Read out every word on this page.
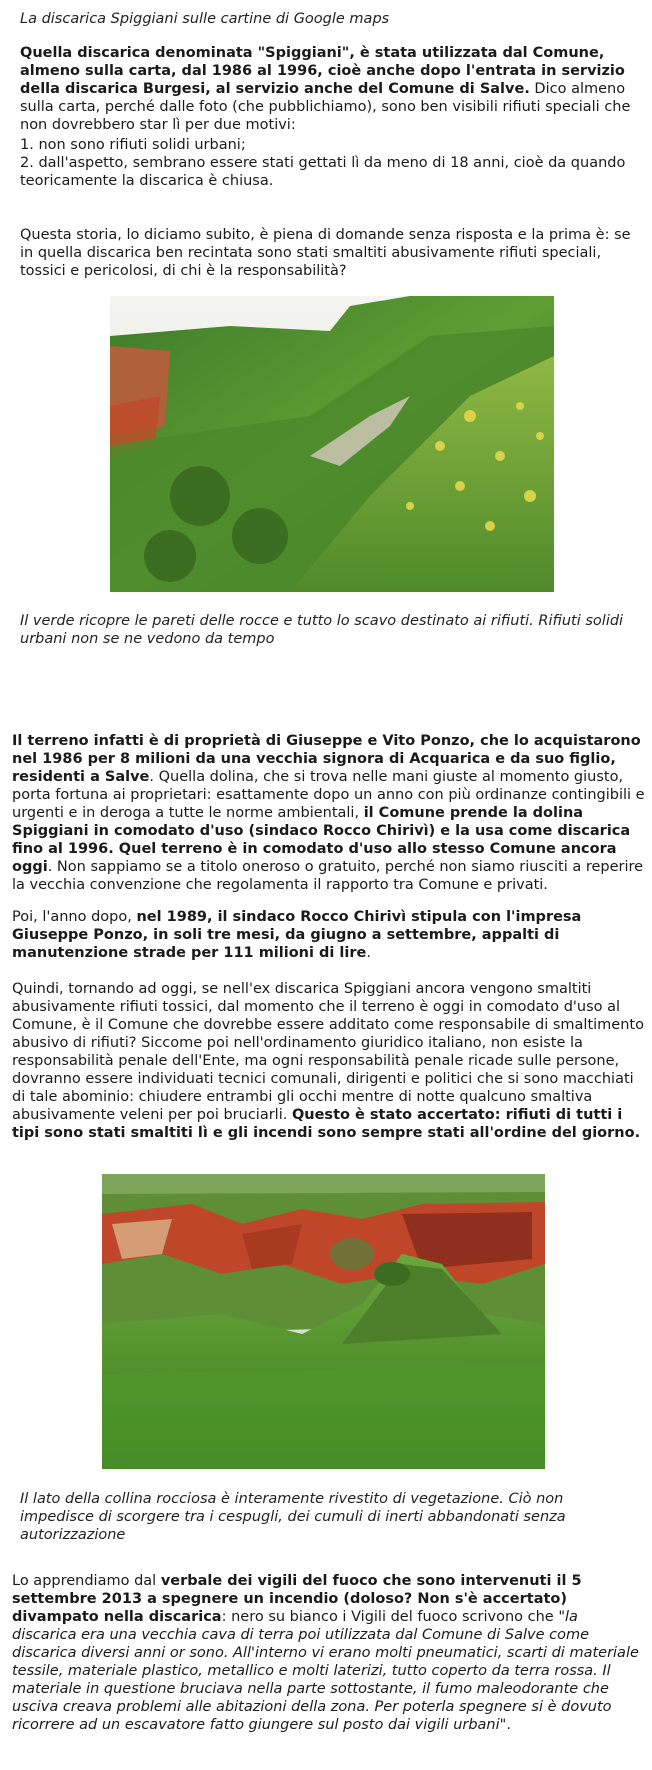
La discarica Spiggiani sulle cartine di Google maps

Quella discarica denominata "Spiggiani", è stata utilizzata dal Comune, almeno sulla carta, dal 1986 al 1996, cioè anche dopo l'entrata in servizio della discarica Burgesi, al servizio anche del Comune di Salve. Dico almeno sulla carta, perché dalle foto (che pubblichiamo), sono ben visibili rifiuti speciali che non dovrebbero star lì per due motivi:

1. non sono rifiuti solidi urbani;

2. dall'aspetto, sembrano essere stati gettati lì da meno di 18 anni, cioè da quando teoricamente la discarica è chiusa.

Questa storia, lo diciamo subito, è piena di domande senza risposta e la prima è: se in quella discarica ben recintata sono stati smaltiti abusivamente rifiuti speciali, tossici e pericolosi, di chi è la responsabilità?

Il verde ricopre le pareti delle rocce e tutto lo scavo destinato ai rifiuti. Rifiuti solidi urbani non se ne vedono da tempo

Il terreno infatti è di proprietà di Giuseppe e Vito Ponzo, che lo acquistarono nel 1986 per 8 milioni da una vecchia signora di Acquarica e da suo figlio, residenti a Salve. Quella dolina, che si trova nelle mani giuste al momento giusto, porta fortuna ai proprietari: esattamente dopo un anno con più ordinanze contingibili e urgenti e in deroga a tutte le norme ambientali, il Comune prende la dolina Spiggiani in comodato d'uso (sindaco Rocco Chirivì) e la usa come discarica fino al 1996. Quel terreno è in comodato d'uso allo stesso Comune ancora oggi. Non sappiamo se a titolo oneroso o gratuito, perché non siamo riusciti a reperire la vecchia convenzione che regolamenta il rapporto tra Comune e privati.

Poi, l'anno dopo, nel 1989, il sindaco Rocco Chirivì stipula con l'impresa Giuseppe Ponzo, in soli tre mesi, da giugno a settembre, appalti di manutenzione strade per 111 milioni di lire.

Quindi, tornando ad oggi, se nell'ex discarica Spiggiani ancora vengono smaltiti abusivamente rifiuti tossici, dal momento che il terreno è oggi in comodato d'uso al Comune, è il Comune che dovrebbe essere additato come responsabile di smaltimento abusivo di rifiuti? Siccome poi nell'ordinamento giuridico italiano, non esiste la responsabilità penale dell'Ente, ma ogni responsabilità penale ricade sulle persone, dovranno essere individuati tecnici comunali, dirigenti e politici che si sono macchiati di tale abominio: chiudere entrambi gli occhi mentre di notte qualcuno smaltiva abusivamente veleni per poi bruciarli. Questo è stato accertato: rifiuti di tutti i tipi sono stati smaltiti lì e gli incendi sono sempre stati all'ordine del giorno.

Il lato della collina rocciosa è interamente rivestito di vegetazione. Ciò non impedisce di scorgere tra i cespugli, dei cumuli di inerti abbandonati senza autorizzazione

Lo apprendiamo dal verbale dei vigili del fuoco che sono intervenuti il 5 settembre 2013 a spegnere un incendio (doloso? Non s'è accertato) divampato nella discarica: nero su bianco i Vigili del fuoco scrivono che "la discarica era una vecchia cava di terra poi utilizzata dal Comune di Salve come discarica diversi anni or sono. All'interno vi erano molti pneumatici, scarti di materiale tessile, materiale plastico, metallico e molti laterizi, tutto coperto da terra rossa. Il materiale in questione bruciava nella parte sottostante, il fumo maleodorante che usciva creava problemi alle abitazioni della zona. Per poterla spegnere si è dovuto ricorrere ad un escavatore fatto giungere sul posto dai vigili urbani".
